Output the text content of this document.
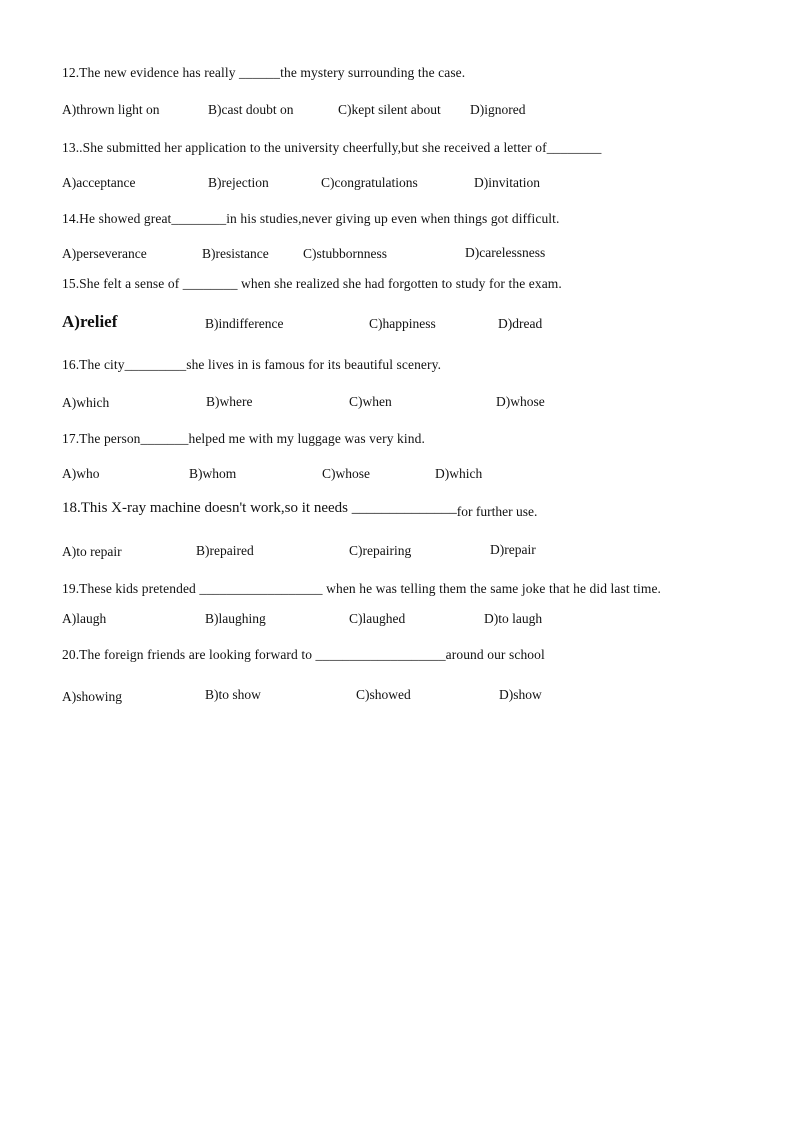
12.The new evidence has really ______the mystery surrounding the case.
A)thrown light on	B)cast doubt on	C)kept silent about D)ignored
13..She submitted her application to the university cheerfully,but she received a letter of________
A)acceptance	B)rejection	C)congratulations	D)invitation
14.He showed great________in his studies,never giving up even when things got difficult.
A)perseverance	B)resistance	C)stubbornness	D)carelessness
15.She felt a sense of ________ when she realized she had forgotten to study for the exam.
A)relief	B)indifference	C)happiness	D)dread
16.The city_________she lives in is famous for its beautiful scenery.
A)which	B)where	C)when	D)whose
17.The person_______helped me with my luggage was very kind.
A)who	B)whom	C)whose	D)which
18.This X-ray machine doesn't work,so it needs ______________for further use.
A)to repair	B)repaired	C)repairing	D)repair
19.These kids pretended __________________ when he was telling them the same joke that he did last time.
A)laugh	B)laughing	C)laughed	D)to laugh
20.The foreign friends are looking forward to ___________________around our school
A)showing	B)to show	C)showed	D)show
